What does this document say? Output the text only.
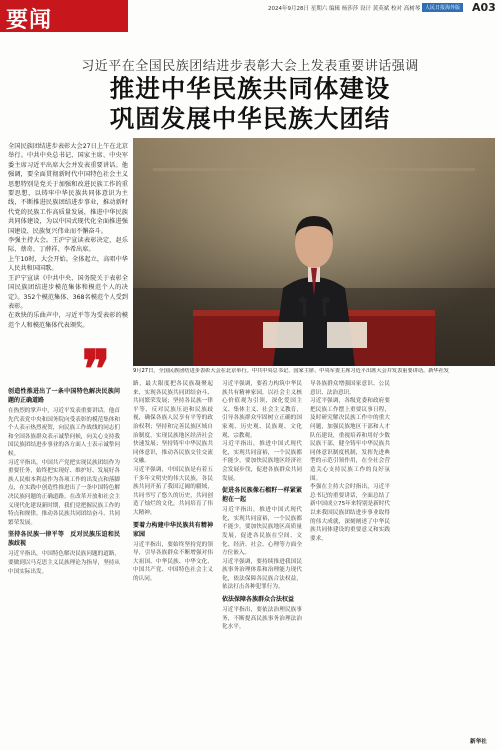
要闻	2024年9月28日 星期六 编辑 杨莎莎 设计 黄英斌 校对 高树琴 人民日报海外版 A03
习近平在全国民族团结进步表彰大会上发表重要讲话强调
推进中华民族共同体建设
巩固发展中华民族大团结

全国民族团结进步表彰大会27日上午在北京举行。中共中央总书记、国家主席、中央军委主席习近平出席大会并发表重要讲话。他强调，要全面贯彻新时代中国特色社会主义思想特别是党关于加强和改进民族工作的重要思想，以铸牢中华民族共同体意识为主线，不断推进民族团结进步事业，推动新时代党的民族工作高质量发展，推进中华民族共同体建设，为以中国式现代化全面推进强国建设、民族复兴伟业而不懈奋斗。

李强主持大会。王沪宁宣读表彰决定，赵乐际、蔡奇、丁薛祥、李希出席。

上午10时，大会开始。全体起立，高唱中华人民共和国国歌。

王沪宁宣读《中共中央、国务院关于表彰全国民族团结进步模范集体和模范个人的决定》。352个模范集体、368名模范个人受到表彰。

在欢快的乐曲声中，习近平等为受表彰的模范个人和模范集体代表颁奖。

❞	9月27日，全国民族团结进步表彰大会在北京举行。中共中央总书记、国家主席、中央军委主席习近平出席大会并发表重要讲话。新华社发
创造性推进出了一条中国特色解决民族问题的正确道路

在热烈的掌声中，习近平发表重要讲话。他首先代表党中央和国务院向受表彰的模范集体和个人表示热烈祝贺，向民族工作战线的同志们和全国各族群众表示诚挚问候，向关心支持我国民族团结进步事业的各方面人士表示诚挚问候。

习近平指出，中国共产党把实现民族团结作为重要任务，始终把实现好、维护好、发展好各族人民根本利益作为各项工作的出发点和落脚点，在实践中创造性推进出了一条中国特色解决民族问题的正确道路。在改革开放和社会主义现代化建设新时期，我们党把握民族工作的特点和规律，推动各民族共同团结奋斗、共同繁荣发展。

坚持各民族一律平等　反对民族压迫和民族歧视

习近平指出，中国特色解决民族问题的道路，要做到以马克思主义民族理论为指导，坚持从中国实际出发。

路，最大限度把各民族凝聚起来，实现各民族共同团结奋斗、共同繁荣发展；坚持各民族一律平等，反对民族压迫和民族歧视，确保各族人民享有平等的政治权利；坚持和完善民族区域自治制度，实现民族地区经济社会快速发展；坚持铸牢中华民族共同体意识，推动各民族交往交流交融。

习近平强调，中国民族是有着五千多年文明史的伟大民族，各民族共同开拓了我国辽阔的疆域，共同书写了悠久的历史，共同创造了灿烂的文化，共同培育了伟大精神。

要着力构建中华民族共有精神家园

习近平指出，要始终坚持党的领导，引导各族群众不断增强对伟大祖国、中华民族、中华文化、中国共产党、中国特色社会主义的认同。

习近平强调，要着力构筑中华民族共有精神家园，以社会主义核心价值观为引领，深化爱国主义、集体主义、社会主义教育，引导各族群众牢固树立正确的国家观、历史观、民族观、文化观、宗教观。

习近平指出，推进中国式现代化，实现共同富裕，一个民族都不能少，要加快民族地区经济社会发展步伐，促进各族群众共同发展。

促进各民族像石榴籽一样紧紧抱在一起

习近平指出，推进中国式现代化，实现共同富裕，一个民族都不能少。要加快民族地区高质量发展，促进各民族在空间、文化、经济、社会、心理等方面全方位嵌入。

习近平强调，要持续推进我国民族事务治理体系和治理能力现代化，依法保障各民族合法权益，依法打击各种犯罪行为。

依法保障各族群众合法权益

习近平指出，要依法治理民族事务，不断提高民族事务治理法治化水平。

导各族群众增强国家意识、公民意识、法治意识。

习近平强调，各级党委和政府要把民族工作摆上重要议事日程，及时研究解决民族工作中的重大问题，加强民族地区干部和人才队伍建设，重视培养和用好少数民族干部，健全铸牢中华民族共同体意识制度机制，发挥先进典型的示范引领作用，在全社会营造关心支持民族工作的良好氛围。

李强在主持大会时指出，习近平总书记的重要讲话，全面总结了新中国成立75年来特别是新时代以来我国民族团结进步事业取得的伟大成就，深刻阐述了中华民族共同体建设的重要意义和实践要求。

新华社
